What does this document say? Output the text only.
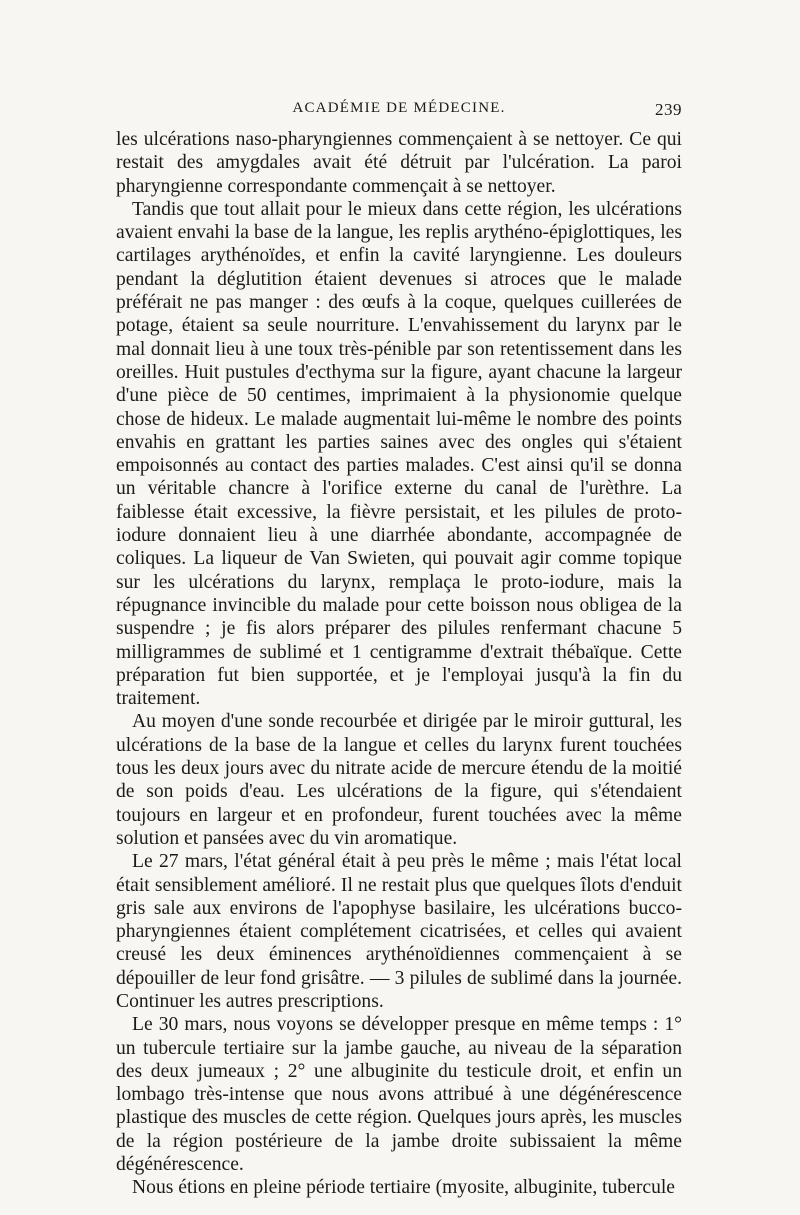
ACADÉMIE DE MÉDECINE.	239

les ulcérations naso-pharyngiennes commençaient à se nettoyer. Ce qui restait des amygdales avait été détruit par l'ulcération. La paroi pharyngienne correspondante commençait à se nettoyer.

Tandis que tout allait pour le mieux dans cette région, les ulcérations avaient envahi la base de la langue, les replis arythéno-épiglottiques, les cartilages arythénoïdes, et enfin la cavité laryngienne. Les douleurs pendant la déglutition étaient devenues si atroces que le malade préférait ne pas manger : des œufs à la coque, quelques cuillerées de potage, étaient sa seule nourriture. L'envahissement du larynx par le mal donnait lieu à une toux très-pénible par son retentissement dans les oreilles. Huit pustules d'ecthyma sur la figure, ayant chacune la largeur d'une pièce de 50 centimes, imprimaient à la physionomie quelque chose de hideux. Le malade augmentait lui-même le nombre des points envahis en grattant les parties saines avec des ongles qui s'étaient empoisonnés au contact des parties malades. C'est ainsi qu'il se donna un véritable chancre à l'orifice externe du canal de l'urèthre. La faiblesse était excessive, la fièvre persistait, et les pilules de proto-iodure donnaient lieu à une diarrhée abondante, accompagnée de coliques. La liqueur de Van Swieten, qui pouvait agir comme topique sur les ulcérations du larynx, remplaça le proto-iodure, mais la répugnance invincible du malade pour cette boisson nous obligea de la suspendre ; je fis alors préparer des pilules renfermant chacune 5 milligrammes de sublimé et 1 centigramme d'extrait thébaïque. Cette préparation fut bien supportée, et je l'employai jusqu'à la fin du traitement.

Au moyen d'une sonde recourbée et dirigée par le miroir guttural, les ulcérations de la base de la langue et celles du larynx furent touchées tous les deux jours avec du nitrate acide de mercure étendu de la moitié de son poids d'eau. Les ulcérations de la figure, qui s'étendaient toujours en largeur et en profondeur, furent touchées avec la même solution et pansées avec du vin aromatique.

Le 27 mars, l'état général était à peu près le même ; mais l'état local était sensiblement amélioré. Il ne restait plus que quelques îlots d'enduit gris sale aux environs de l'apophyse basilaire, les ulcérations bucco-pharyngiennes étaient complétement cicatrisées, et celles qui avaient creusé les deux éminences arythénoïdiennes commençaient à se dépouiller de leur fond grisâtre. — 3 pilules de sublimé dans la journée. Continuer les autres prescriptions.

Le 30 mars, nous voyons se développer presque en même temps : 1° un tubercule tertiaire sur la jambe gauche, au niveau de la séparation des deux jumeaux ; 2° une albuginite du testicule droit, et enfin un lombago très-intense que nous avons attribué à une dégénérescence plastique des muscles de cette région. Quelques jours après, les muscles de la région postérieure de la jambe droite subissaient la même dégénérescence.

Nous étions en pleine période tertiaire (myosite, albuginite, tubercule
